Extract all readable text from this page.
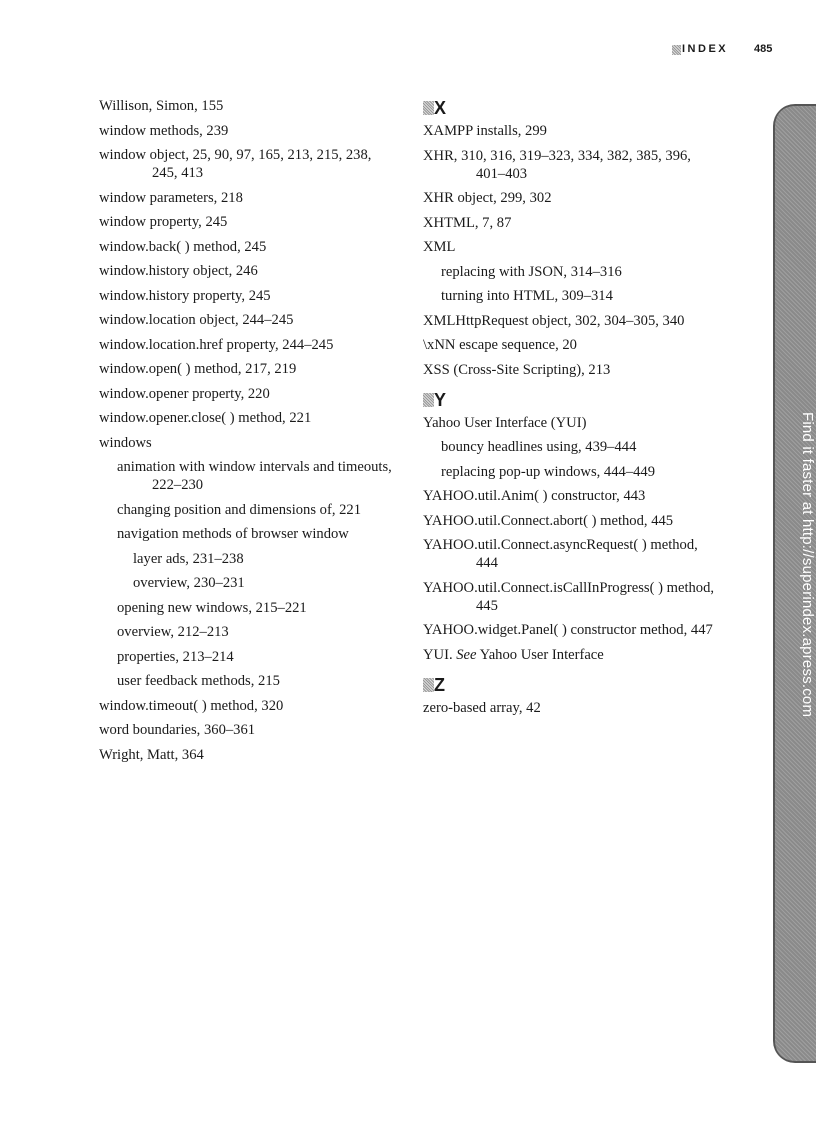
INDEX 485
Willison, Simon, 155
window methods, 239
window object, 25, 90, 97, 165, 213, 215, 238, 245, 413
window parameters, 218
window property, 245
window.back( ) method, 245
window.history object, 246
window.history property, 245
window.location object, 244–245
window.location.href property, 244–245
window.open( ) method, 217, 219
window.opener property, 220
window.opener.close( ) method, 221
windows
animation with window intervals and timeouts, 222–230
changing position and dimensions of, 221
navigation methods of browser window
layer ads, 231–238
overview, 230–231
opening new windows, 215–221
overview, 212–213
properties, 213–214
user feedback methods, 215
window.timeout( ) method, 320
word boundaries, 360–361
Wright, Matt, 364
X
XAMPP installs, 299
XHR, 310, 316, 319–323, 334, 382, 385, 396, 401–403
XHR object, 299, 302
XHTML, 7, 87
XML
replacing with JSON, 314–316
turning into HTML, 309–314
XMLHttpRequest object, 302, 304–305, 340
\xNN escape sequence, 20
XSS (Cross-Site Scripting), 213
Y
Yahoo User Interface (YUI)
bouncy headlines using, 439–444
replacing pop-up windows, 444–449
YAHOO.util.Anim( ) constructor, 443
YAHOO.util.Connect.abort( ) method, 445
YAHOO.util.Connect.asyncRequest( ) method, 444
YAHOO.util.Connect.isCallInProgress( ) method, 445
YAHOO.widget.Panel( ) constructor method, 447
YUI. See Yahoo User Interface
Z
zero-based array, 42	Find it faster at http://superindex.apress.com
